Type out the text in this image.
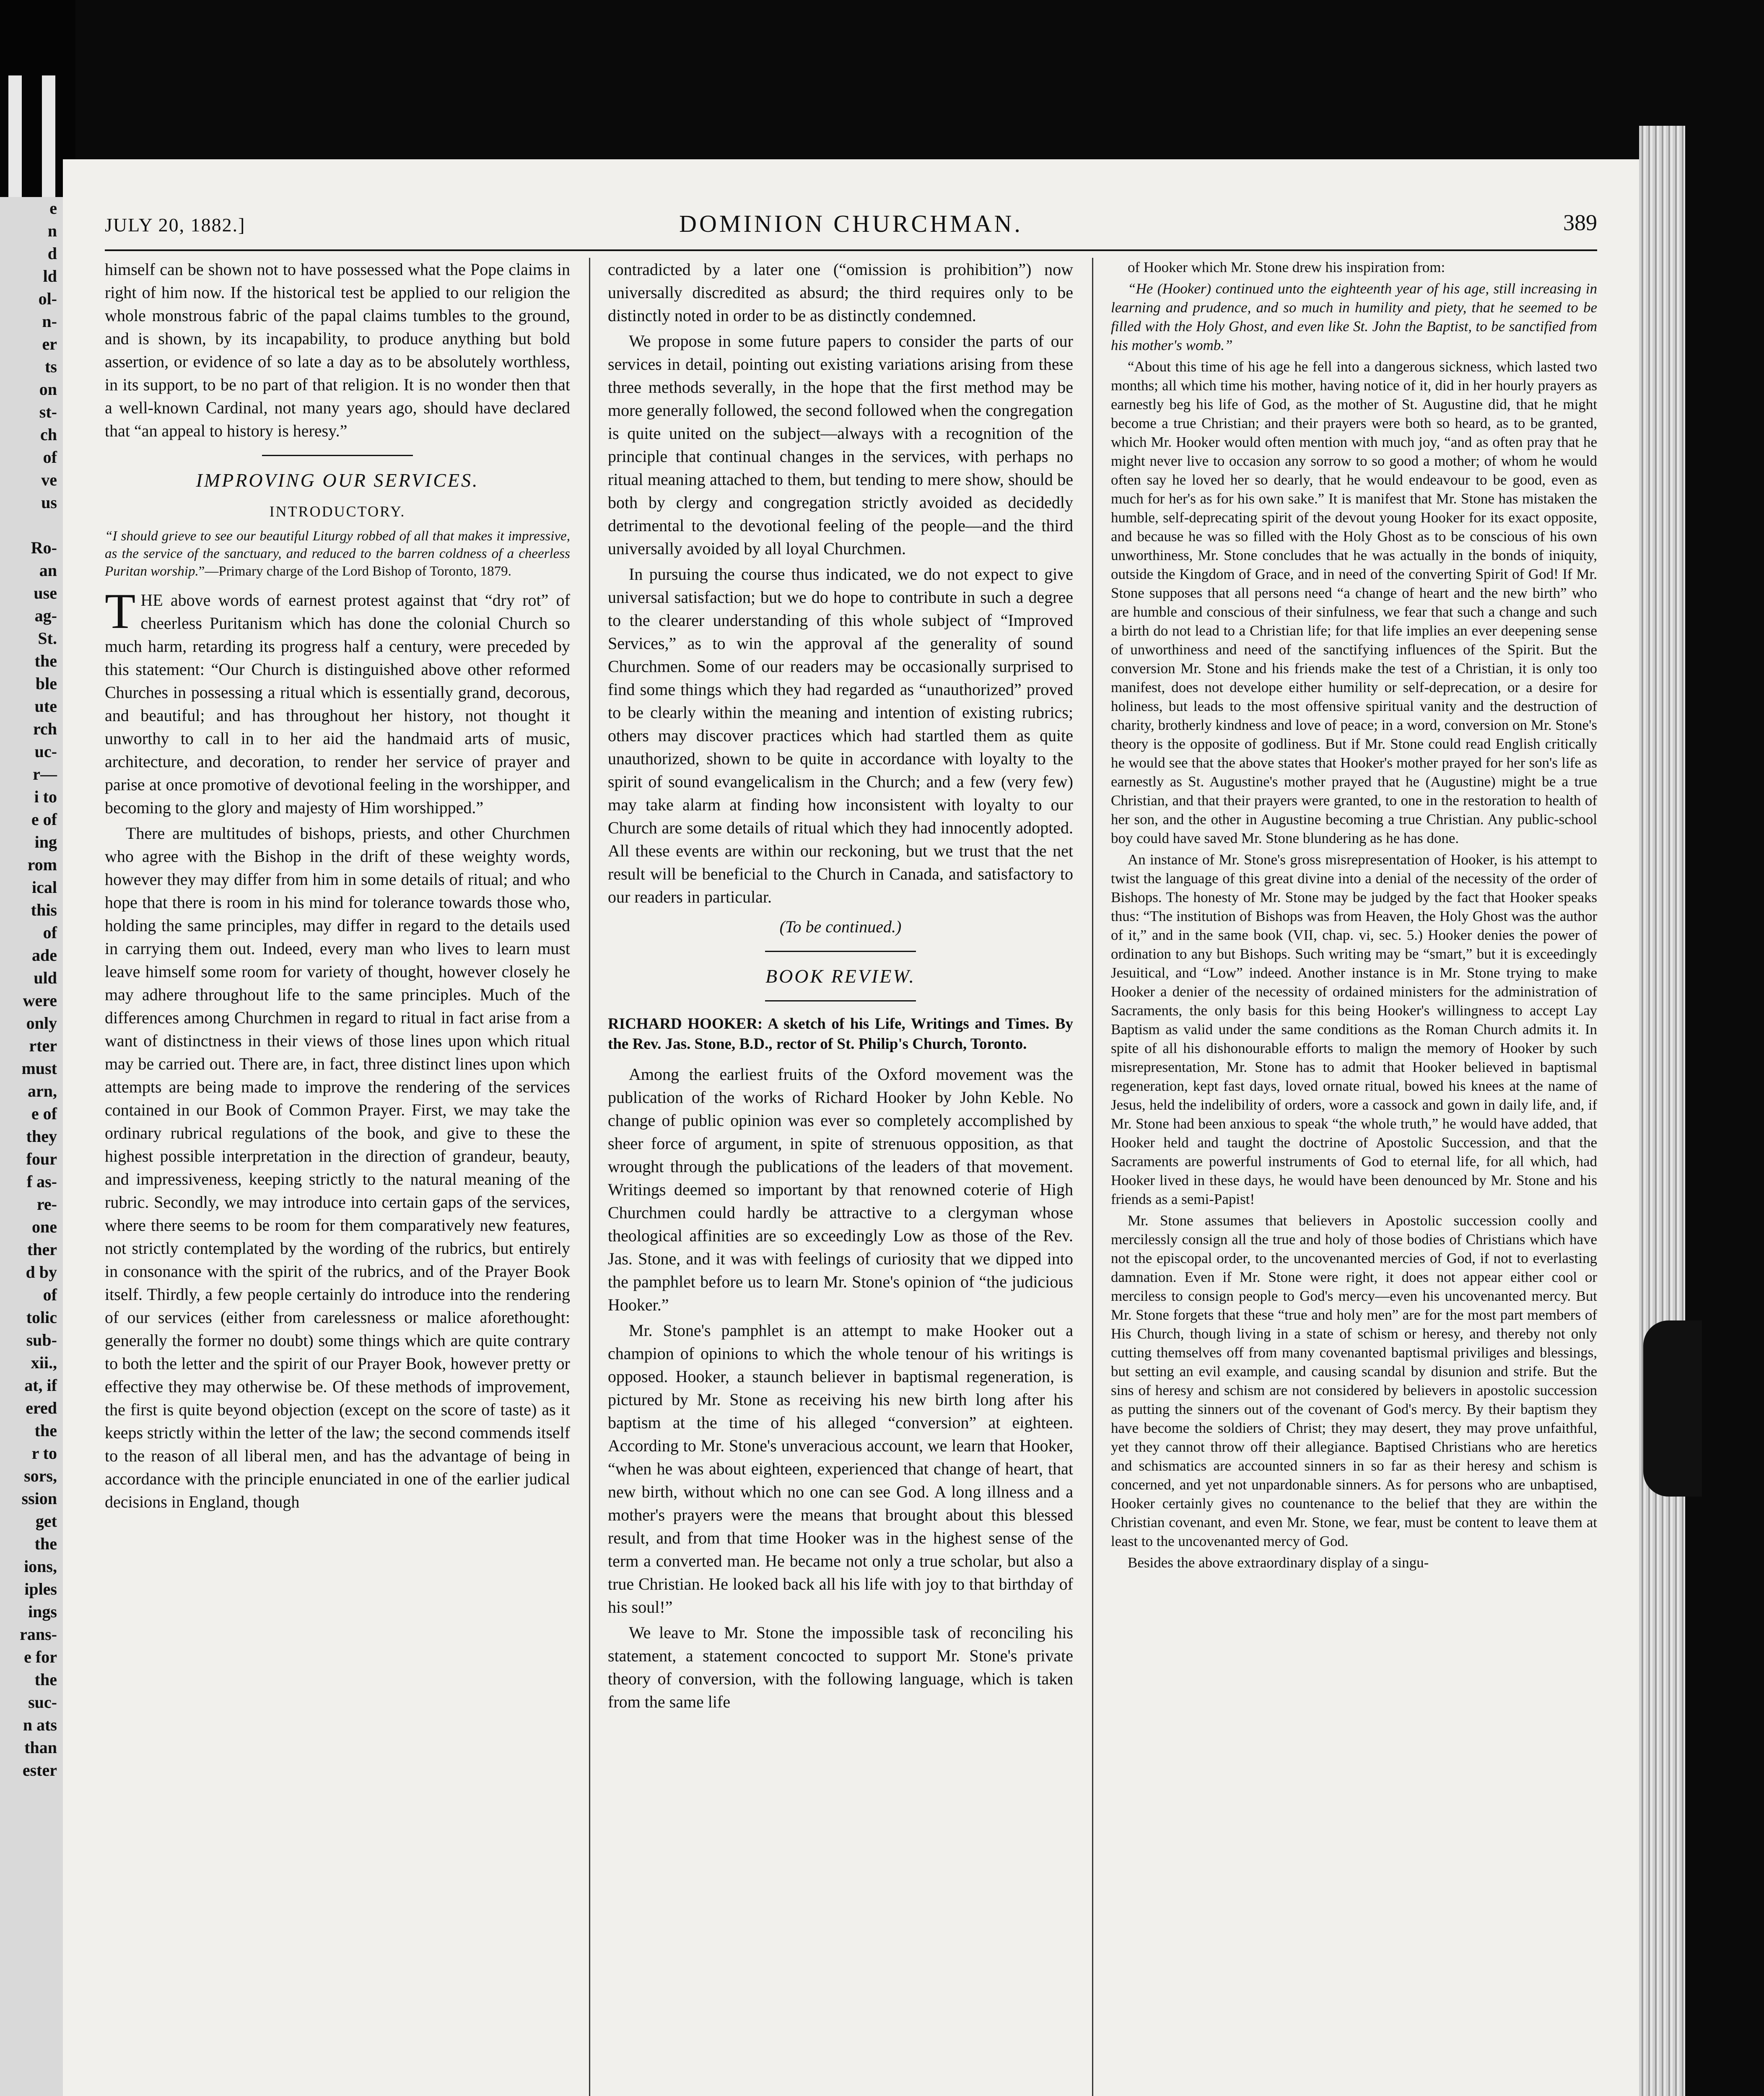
e
n
d
ld
ol-
n-
er
ts
on
st-
ch
of
ve
us

Ro-
an
use
ag-
St.
the
ble
ute
rch
uc-
r—
i to
e of
ing
rom
ical
this
of
ade
uld
were
only
rter
must
arn,
e of
they
four
f as-
re-
one
ther
d by
of
tolic
sub-
xii.,
at, if
ered
the
r to
sors,
ssion
get
the
ions,
iples
ings
rans-
e for
the
suc-
n ats
than
ester
JULY 20, 1882.]	DOMINION CHURCHMAN.	389

himself can be shown not to have possessed what the Pope claims in right of him now. If the historical test be applied to our religion the whole monstrous fabric of the papal claims tumbles to the ground, and is shown, by its incapability, to produce anything but bold assertion, or evidence of so late a day as to be absolutely worthless, in its support, to be no part of that religion. It is no wonder then that a well-known Cardinal, not many years ago, should have declared that “an appeal to history is heresy.”

IMPROVING OUR SERVICES.
INTRODUCTORY.
“I should grieve to see our beautiful Liturgy robbed of all that makes it impressive, as the service of the sanctuary, and reduced to the barren coldness of a cheerless Puritan worship.”—Primary charge of the Lord Bishop of Toronto, 1879.

THE above words of earnest protest against that “dry rot” of cheerless Puritanism which has done the colonial Church so much harm, retarding its progress half a century, were preceded by this statement: “Our Church is distinguished above other reformed Churches in possessing a ritual which is essentially grand, decorous, and beautiful; and has throughout her history, not thought it unworthy to call in to her aid the handmaid arts of music, architecture, and decoration, to render her service of prayer and parise at once promotive of devotional feeling in the worshipper, and becoming to the glory and majesty of Him worshipped.”

There are multitudes of bishops, priests, and other Churchmen who agree with the Bishop in the drift of these weighty words, however they may differ from him in some details of ritual; and who hope that there is room in his mind for tolerance towards those who, holding the same principles, may differ in regard to the details used in carrying them out. Indeed, every man who lives to learn must leave himself some room for variety of thought, however closely he may adhere throughout life to the same principles. Much of the differences among Churchmen in regard to ritual in fact arise from a want of distinctness in their views of those lines upon which ritual may be carried out. There are, in fact, three distinct lines upon which attempts are being made to improve the rendering of the services contained in our Book of Common Prayer. First, we may take the ordinary rubrical regulations of the book, and give to these the highest possible interpretation in the direction of grandeur, beauty, and impressiveness, keeping strictly to the natural meaning of the rubric. Secondly, we may introduce into certain gaps of the services, where there seems to be room for them comparatively new features, not strictly contemplated by the wording of the rubrics, but entirely in consonance with the spirit of the rubrics, and of the Prayer Book itself. Thirdly, a few people certainly do introduce into the rendering of our services (either from carelessness or malice aforethought: generally the former no doubt) some things which are quite contrary to both the letter and the spirit of our Prayer Book, however pretty or effective they may otherwise be. Of these methods of improvement, the first is quite beyond objection (except on the score of taste) as it keeps strictly within the letter of the law; the second commends itself to the reason of all liberal men, and has the advantage of being in accordance with the principle enunciated in one of the earlier judical decisions in England, though

contradicted by a later one (“omission is prohibition”) now universally discredited as absurd; the third requires only to be distinctly noted in order to be as distinctly condemned.

We propose in some future papers to consider the parts of our services in detail, pointing out existing variations arising from these three methods severally, in the hope that the first method may be more generally followed, the second followed when the congregation is quite united on the subject—always with a recognition of the principle that continual changes in the services, with perhaps no ritual meaning attached to them, but tending to mere show, should be both by clergy and congregation strictly avoided as decidedly detrimental to the devotional feeling of the people—and the third universally avoided by all loyal Churchmen.

In pursuing the course thus indicated, we do not expect to give universal satisfaction; but we do hope to contribute in such a degree to the clearer understanding of this whole subject of “Improved Services,” as to win the approval af the generality of sound Churchmen. Some of our readers may be occasionally surprised to find some things which they had regarded as “unauthorized” proved to be clearly within the meaning and intention of existing rubrics; others may discover practices which had startled them as quite unauthorized, shown to be quite in accordance with loyalty to the spirit of sound evangelicalism in the Church; and a few (very few) may take alarm at finding how inconsistent with loyalty to our Church are some details of ritual which they had innocently adopted. All these events are within our reckoning, but we trust that the net result will be beneficial to the Church in Canada, and satisfactory to our readers in particular.

(To be continued.)
BOOK REVIEW.

RICHARD HOOKER: A sketch of his Life, Writings and Times. By the Rev. Jas. Stone, B.D., rector of St. Philip's Church, Toronto.

Among the earliest fruits of the Oxford movement was the publication of the works of Richard Hooker by John Keble. No change of public opinion was ever so completely accomplished by sheer force of argument, in spite of strenuous opposition, as that wrought through the publications of the leaders of that movement. Writings deemed so important by that renowned coterie of High Churchmen could hardly be attractive to a clergyman whose theological affinities are so exceedingly Low as those of the Rev. Jas. Stone, and it was with feelings of curiosity that we dipped into the pamphlet before us to learn Mr. Stone's opinion of “the judicious Hooker.”

Mr. Stone's pamphlet is an attempt to make Hooker out a champion of opinions to which the whole tenour of his writings is opposed. Hooker, a staunch believer in baptismal regeneration, is pictured by Mr. Stone as receiving his new birth long after his baptism at the time of his alleged “conversion” at eighteen. According to Mr. Stone's unveracious account, we learn that Hooker, “when he was about eighteen, experienced that change of heart, that new birth, without which no one can see God. A long illness and a mother's prayers were the means that brought about this blessed result, and from that time Hooker was in the highest sense of the term a converted man. He became not only a true scholar, but also a true Christian. He looked back all his life with joy to that birthday of his soul!”

We leave to Mr. Stone the impossible task of reconciling his statement, a statement concocted to support Mr. Stone's private theory of conversion, with the following language, which is taken from the same life

of Hooker which Mr. Stone drew his inspiration from:

“He (Hooker) continued unto the eighteenth year of his age, still increasing in learning and prudence, and so much in humility and piety, that he seemed to be filled with the Holy Ghost, and even like St. John the Baptist, to be sanctified from his mother's womb.”

“About this time of his age he fell into a dangerous sickness, which lasted two months; all which time his mother, having notice of it, did in her hourly prayers as earnestly beg his life of God, as the mother of St. Augustine did, that he might become a true Christian; and their prayers were both so heard, as to be granted, which Mr. Hooker would often mention with much joy, “and as often pray that he might never live to occasion any sorrow to so good a mother; of whom he would often say he loved her so dearly, that he would endeavour to be good, even as much for her's as for his own sake.” It is manifest that Mr. Stone has mistaken the humble, self-deprecating spirit of the devout young Hooker for its exact opposite, and because he was so filled with the Holy Ghost as to be conscious of his own unworthiness, Mr. Stone concludes that he was actually in the bonds of iniquity, outside the Kingdom of Grace, and in need of the converting Spirit of God! If Mr. Stone supposes that all persons need “a change of heart and the new birth” who are humble and conscious of their sinfulness, we fear that such a change and such a birth do not lead to a Christian life; for that life implies an ever deepening sense of unworthiness and need of the sanctifying influences of the Spirit. But the conversion Mr. Stone and his friends make the test of a Christian, it is only too manifest, does not develope either humility or self-deprecation, or a desire for holiness, but leads to the most offensive spiritual vanity and the destruction of charity, brotherly kindness and love of peace; in a word, conversion on Mr. Stone's theory is the opposite of godliness. But if Mr. Stone could read English critically he would see that the above states that Hooker's mother prayed for her son's life as earnestly as St. Augustine's mother prayed that he (Augustine) might be a true Christian, and that their prayers were granted, to one in the restoration to health of her son, and the other in Augustine becoming a true Christian. Any public-school boy could have saved Mr. Stone blundering as he has done.

An instance of Mr. Stone's gross misrepresentation of Hooker, is his attempt to twist the language of this great divine into a denial of the necessity of the order of Bishops. The honesty of Mr. Stone may be judged by the fact that Hooker speaks thus: “The institution of Bishops was from Heaven, the Holy Ghost was the author of it,” and in the same book (VII, chap. vi, sec. 5.) Hooker denies the power of ordination to any but Bishops. Such writing may be “smart,” but it is exceedingly Jesuitical, and “Low” indeed. Another instance is in Mr. Stone trying to make Hooker a denier of the necessity of ordained ministers for the administration of Sacraments, the only basis for this being Hooker's willingness to accept Lay Baptism as valid under the same conditions as the Roman Church admits it. In spite of all his dishonourable efforts to malign the memory of Hooker by such misrepresentation, Mr. Stone has to admit that Hooker believed in baptismal regeneration, kept fast days, loved ornate ritual, bowed his knees at the name of Jesus, held the indelibility of orders, wore a cassock and gown in daily life, and, if Mr. Stone had been anxious to speak “the whole truth,” he would have added, that Hooker held and taught the doctrine of Apostolic Succession, and that the Sacraments are powerful instruments of God to eternal life, for all which, had Hooker lived in these days, he would have been denounced by Mr. Stone and his friends as a semi-Papist!

Mr. Stone assumes that believers in Apostolic succession coolly and mercilessly consign all the true and holy of those bodies of Christians which have not the episcopal order, to the uncovenanted mercies of God, if not to everlasting damnation. Even if Mr. Stone were right, it does not appear either cool or merciless to consign people to God's mercy—even his uncovenanted mercy. But Mr. Stone forgets that these “true and holy men” are for the most part members of His Church, though living in a state of schism or heresy, and thereby not only cutting themselves off from many covenanted baptismal priviliges and blessings, but setting an evil example, and causing scandal by disunion and strife. But the sins of heresy and schism are not considered by believers in apostolic succession as putting the sinners out of the covenant of God's mercy. By their baptism they have become the soldiers of Christ; they may desert, they may prove unfaithful, yet they cannot throw off their allegiance. Baptised Christians who are heretics and schismatics are accounted sinners in so far as their heresy and schism is concerned, and yet not unpardonable sinners. As for persons who are unbaptised, Hooker certainly gives no countenance to the belief that they are within the Christian covenant, and even Mr. Stone, we fear, must be content to leave them at least to the uncovenanted mercy of God.

Besides the above extraordinary display of a singu-
